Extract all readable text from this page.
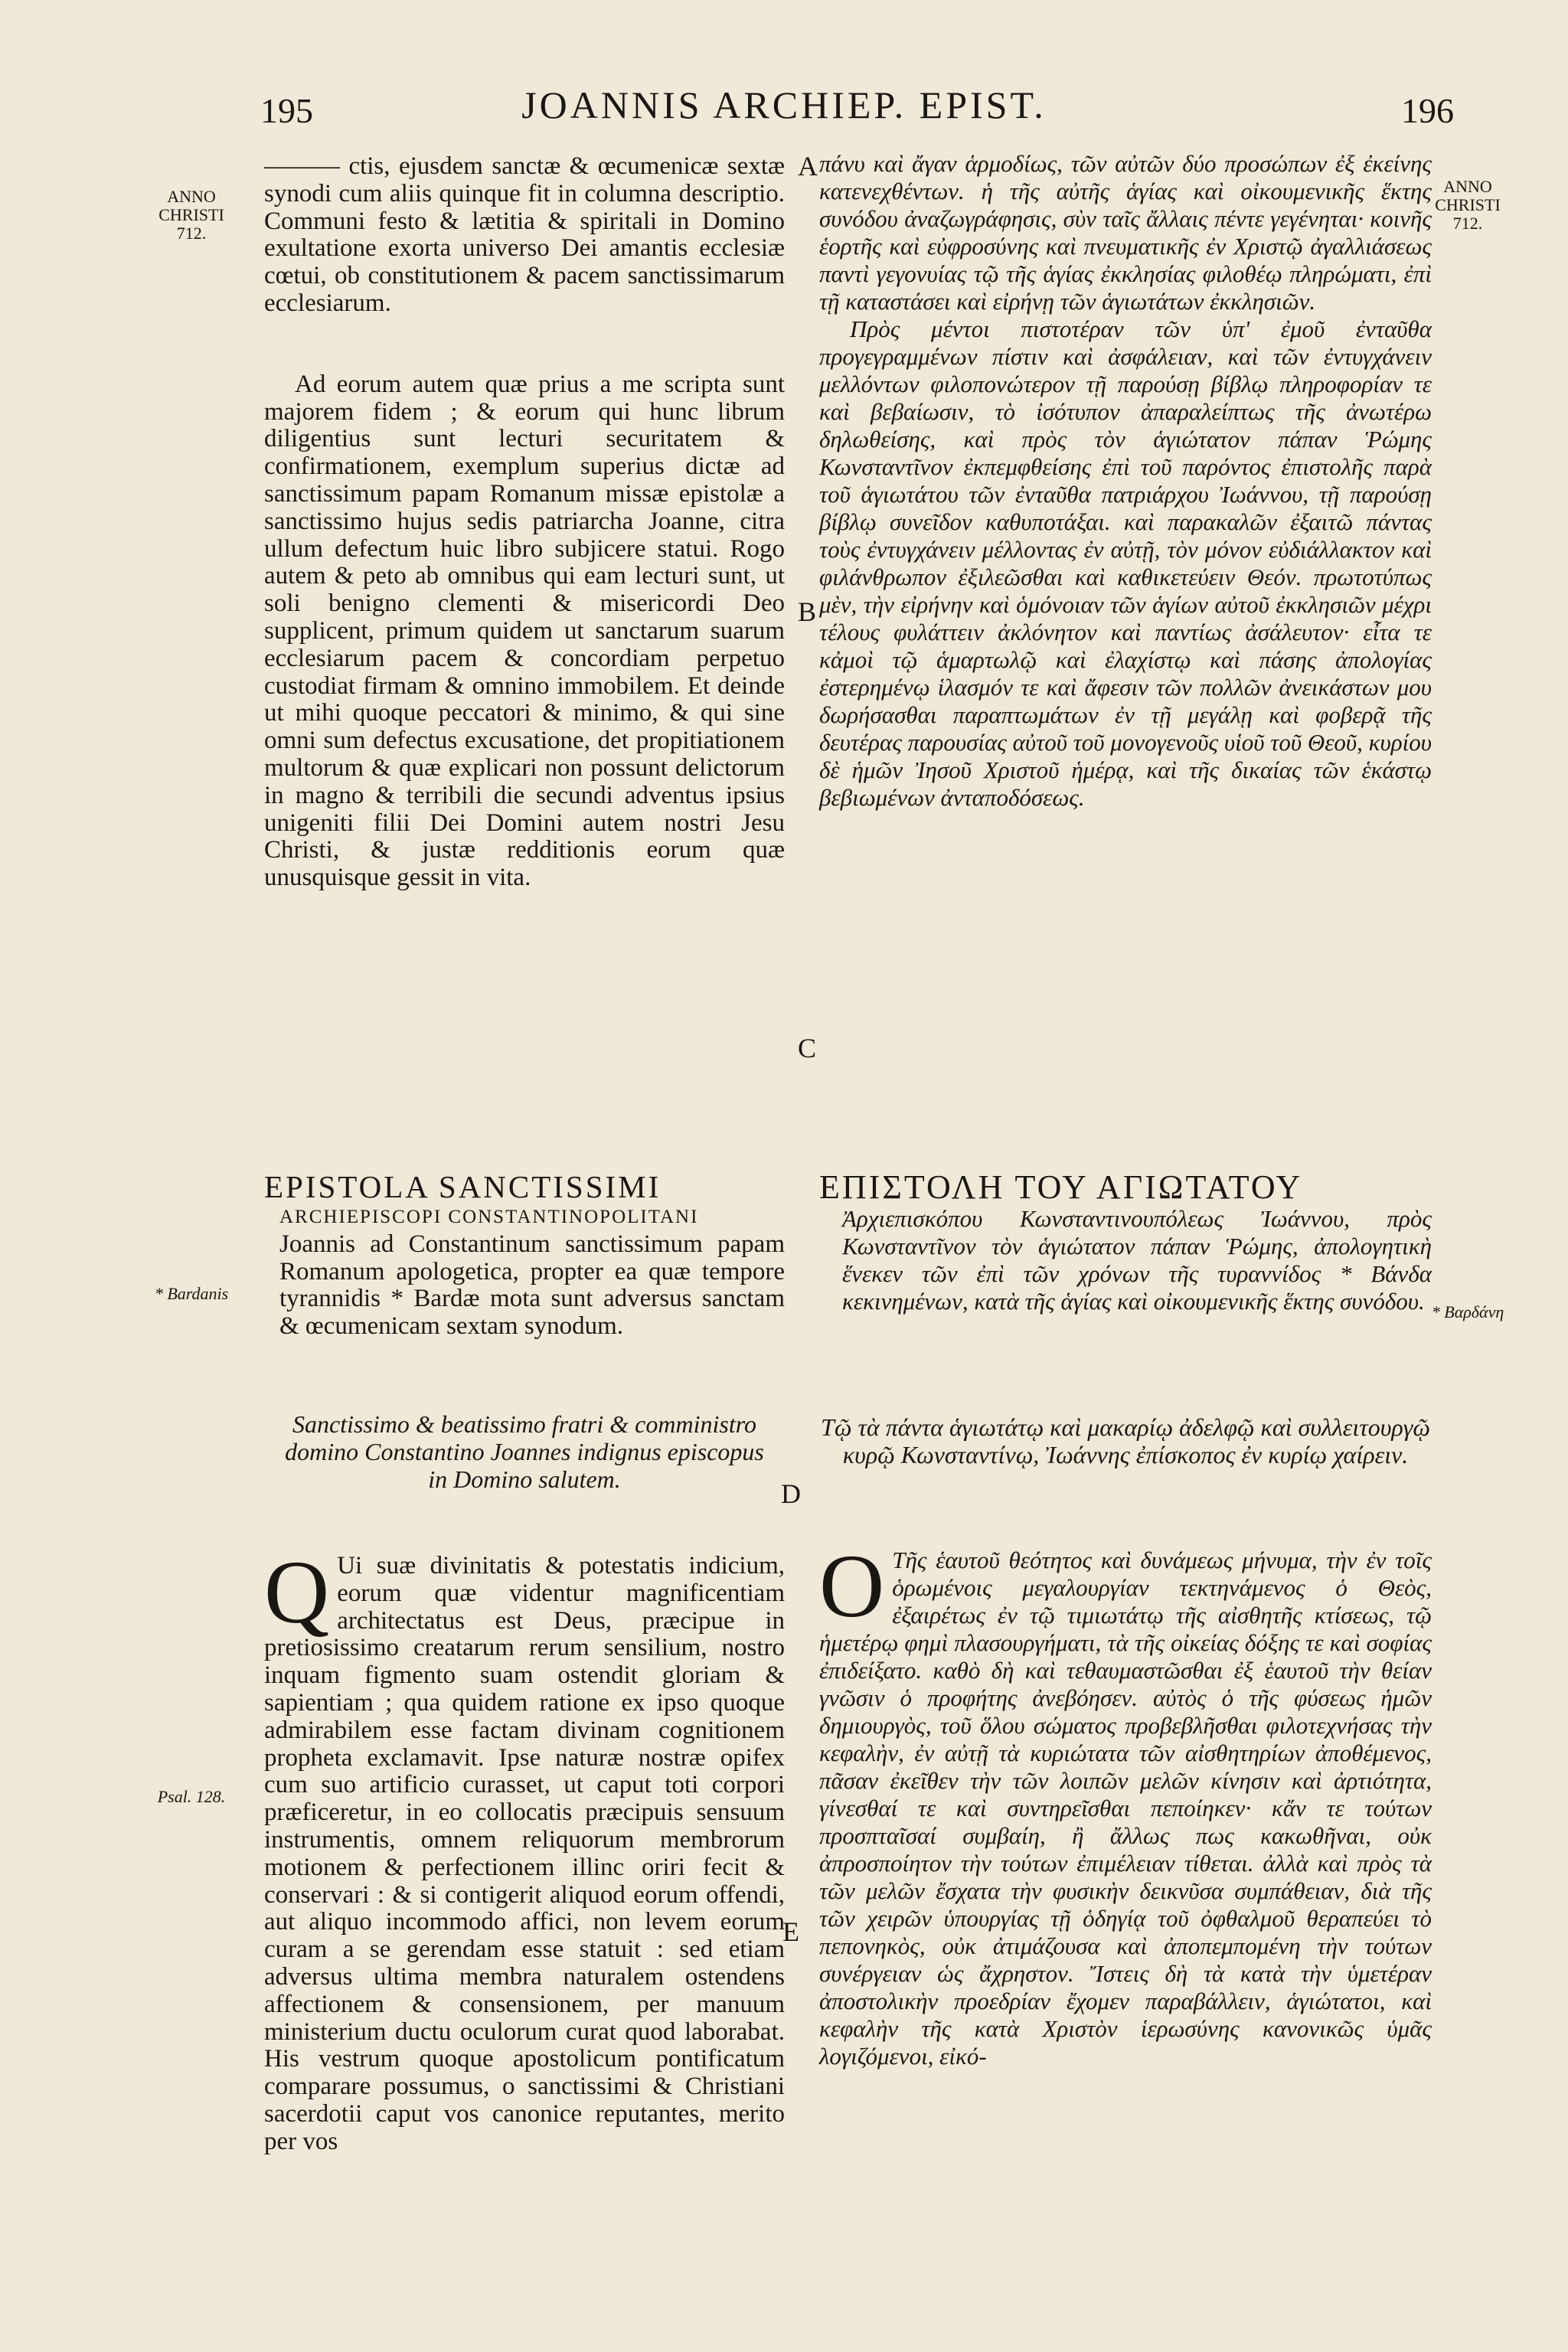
195	JOANNIS ARCHIEP. EPIST.	196
ANNO CHRISTI 712.
ANNO CHRISTI 712.
* Bardanis
Psal. 128.
* Βαρδάνη
A
B
C
D
E

——— ctis, ejusdem sanctæ & œcumenicæ sextæ synodi cum aliis quinque fit in columna descriptio. Communi festo & lætitia & spiritali in Domino exultatione exorta universo Dei amantis ecclesiæ cœtui, ob constitutionem & pacem sanctissimarum ecclesiarum.

Ad eorum autem quæ prius a me scripta sunt majorem fidem ; & eorum qui hunc librum diligentius sunt lecturi securitatem & confirmationem, exemplum superius dictæ ad sanctissimum papam Romanum missæ epistolæ a sanctissimo hujus sedis patriarcha Joanne, citra ullum defectum huic libro subjicere statui. Rogo autem & peto ab omnibus qui eam lecturi sunt, ut soli benigno clementi & misericordi Deo supplicent, primum quidem ut sanctarum suarum ecclesiarum pacem & concordiam perpetuo custodiat firmam & omnino immobilem. Et deinde ut mihi quoque peccatori & minimo, & qui sine omni sum defectus excusatione, det propitiationem multorum & quæ explicari non possunt delictorum in magno & terribili die secundi adventus ipsius unigeniti filii Dei Domini autem nostri Jesu Christi, & justæ redditionis eorum quæ unusquisque gessit in vita.

πάνυ καὶ ἄγαν ἁρμοδίως, τῶν αὐτῶν δύο προσώπων ἐξ ἐκείνης κατενεχθέντων. ἡ τῆς αὐτῆς ἁγίας καὶ οἰκουμενικῆς ἕκτης συνόδου ἀναζωγράφησις, σὺν ταῖς ἄλλαις πέντε γεγένηται· κοινῆς ἑορτῆς καὶ εὐφροσύνης καὶ πνευματικῆς ἐν Χριστῷ ἀγαλλιάσεως παντὶ γεγονυίας τῷ τῆς ἁγίας ἐκκλησίας φιλοθέῳ πληρώματι, ἐπὶ τῇ καταστάσει καὶ εἰρήνῃ τῶν ἁγιωτάτων ἐκκλησιῶν.

Πρὸς μέντοι πιστοτέραν τῶν ὑπ' ἐμοῦ ἐνταῦθα προγεγραμμένων πίστιν καὶ ἀσφάλειαν, καὶ τῶν ἐντυγχάνειν μελλόντων φιλοπονώτερον τῇ παρούσῃ βίβλῳ πληροφορίαν τε καὶ βεβαίωσιν, τὸ ἰσότυπον ἀπαραλείπτως τῆς ἀνωτέρω δηλωθείσης, καὶ πρὸς τὸν ἁγιώτατον πάπαν Ῥώμης Κωνσταντῖνον ἐκπεμφθείσης ἐπὶ τοῦ παρόντος ἐπιστολῆς παρὰ τοῦ ἁγιωτάτου τῶν ἐνταῦθα πατριάρχου Ἰωάννου, τῇ παρούσῃ βίβλῳ συνεῖδον καθυποτάξαι. καὶ παρακαλῶν ἐξαιτῶ πάντας τοὺς ἐντυγχάνειν μέλλοντας ἐν αὐτῇ, τὸν μόνον εὐδιάλλακτον καὶ φιλάνθρωπον ἐξιλεῶσθαι καὶ καθικετεύειν Θεόν. πρωτοτύπως μὲν, τὴν εἰρήνην καὶ ὁμόνοιαν τῶν ἁγίων αὐτοῦ ἐκκλησιῶν μέχρι τέλους φυλάττειν ἀκλόνητον καὶ παντίως ἀσάλευτον· εἶτα τε κἀμοὶ τῷ ἁμαρτωλῷ καὶ ἐλαχίστῳ καὶ πάσης ἀπολογίας ἐστερημένῳ ἱλασμόν τε καὶ ἄφεσιν τῶν πολλῶν ἀνεικάστων μου δωρήσασθαι παραπτωμάτων ἐν τῇ μεγάλῃ καὶ φοβερᾷ τῆς δευτέρας παρουσίας αὐτοῦ τοῦ μονογενοῦς υἱοῦ τοῦ Θεοῦ, κυρίου δὲ ἡμῶν Ἰησοῦ Χριστοῦ ἡμέρᾳ, καὶ τῆς δικαίας τῶν ἑκάστῳ βεβιωμένων ἀνταποδόσεως.

EPISTOLA SANCTISSIMI
ARCHIEPISCOPI CONSTANTINOPOLITANI
Joannis ad Constantinum sanctissimum papam Romanum apologetica, propter ea quæ tempore tyrannidis * Bardæ mota sunt adversus sanctam & œcumenicam sextam synodum.
ΕΠΙΣΤΟΛΗ ΤΟΥ ΑΓΙΩΤΑΤΟΥ
Ἀρχιεπισκόπου Κωνσταντινουπόλεως Ἰωάννου, πρὸς Κωνσταντῖνον τὸν ἁγιώτατον πάπαν Ῥώμης, ἀπολογητικὴ ἕνεκεν τῶν ἐπὶ τῶν χρόνων τῆς τυραννίδος * Βάνδα κεκινημένων, κατὰ τῆς ἁγίας καὶ οἰκουμενικῆς ἕκτης συνόδου.
Sanctissimo & beatissimo fratri & comministro domino Constantino Joannes indignus episcopus in Domino salutem.
Τῷ τὰ πάντα ἁγιωτάτῳ καὶ μακαρίῳ ἀδελφῷ καὶ συλλειτουργῷ κυρῷ Κωνσταντίνῳ, Ἰωάννης ἐπίσκοπος ἐν κυρίῳ χαίρειν.
Q Ui suæ divinitatis & potestatis indicium, eorum quæ videntur magnificentiam architectatus est Deus, præcipue in pretiosissimo creatarum rerum sensilium, nostro inquam figmento suam ostendit gloriam & sapientiam ; qua quidem ratione ex ipso quoque admirabilem esse factam divinam cognitionem propheta exclamavit. Ipse naturæ nostræ opifex cum suo artificio curasset, ut caput toti corpori præficeretur, in eo collocatis præcipuis sensuum instrumentis, omnem reliquorum membrorum motionem & perfectionem illinc oriri fecit & conservari : & si contigerit aliquod eorum offendi, aut aliquo incommodo affici, non levem eorum curam a se gerendam esse statuit : sed etiam adversus ultima membra naturalem ostendens affectionem & consensionem, per manuum ministerium ductu oculorum curat quod laborabat. His vestrum quoque apostolicum pontificatum comparare possumus, o sanctissimi & Christiani sacerdotii caput vos canonice reputantes, merito per vos
Ο Τῆς ἑαυτοῦ θεότητος καὶ δυνάμεως μήνυμα, τὴν ἐν τοῖς ὁρωμένοις μεγαλουργίαν τεκτηνάμενος ὁ Θεὸς, ἐξαιρέτως ἐν τῷ τιμιωτάτῳ τῆς αἰσθητῆς κτίσεως, τῷ ἡμετέρῳ φημὶ πλασουργήματι, τὰ τῆς οἰκείας δόξης τε καὶ σοφίας ἐπιδείξατο. καθὸ δὴ καὶ τεθαυμαστῶσθαι ἐξ ἑαυτοῦ τὴν θείαν γνῶσιν ὁ προφήτης ἀνεβόησεν. αὐτὸς ὁ τῆς φύσεως ἡμῶν δημιουργὸς, τοῦ ὅλου σώματος προβεβλῆσθαι φιλοτεχνήσας τὴν κεφαλὴν, ἐν αὐτῇ τὰ κυριώτατα τῶν αἰσθητηρίων ἀποθέμενος, πᾶσαν ἐκεῖθεν τὴν τῶν λοιπῶν μελῶν κίνησιν καὶ ἀρτιότητα, γίνεσθαί τε καὶ συντηρεῖσθαι πεποίηκεν· κἄν τε τούτων προσπταῖσαί συμβαίη, ἢ ἄλλως πως κακωθῆναι, οὐκ ἀπροσποίητον τὴν τούτων ἐπιμέλειαν τίθεται. ἀλλὰ καὶ πρὸς τὰ τῶν μελῶν ἔσχατα τὴν φυσικὴν δεικνῦσα συμπάθειαν, διὰ τῆς τῶν χειρῶν ὑπουργίας τῇ ὁδηγίᾳ τοῦ ὀφθαλμοῦ θεραπεύει τὸ πεπονηκὸς, οὐκ ἀτιμάζουσα καὶ ἀποπεμπομένη τὴν τούτων συνέργειαν ὡς ἄχρηστον. Ἴστεις δὴ τὰ κατὰ τὴν ὑμετέραν ἀποστολικὴν προεδρίαν ἔχομεν παραβάλλειν, ἁγιώτατοι, καὶ κεφαλὴν τῆς κατὰ Χριστὸν ἱερωσύνης κανονικῶς ὑμᾶς λογιζόμενοι, εἰκό-
